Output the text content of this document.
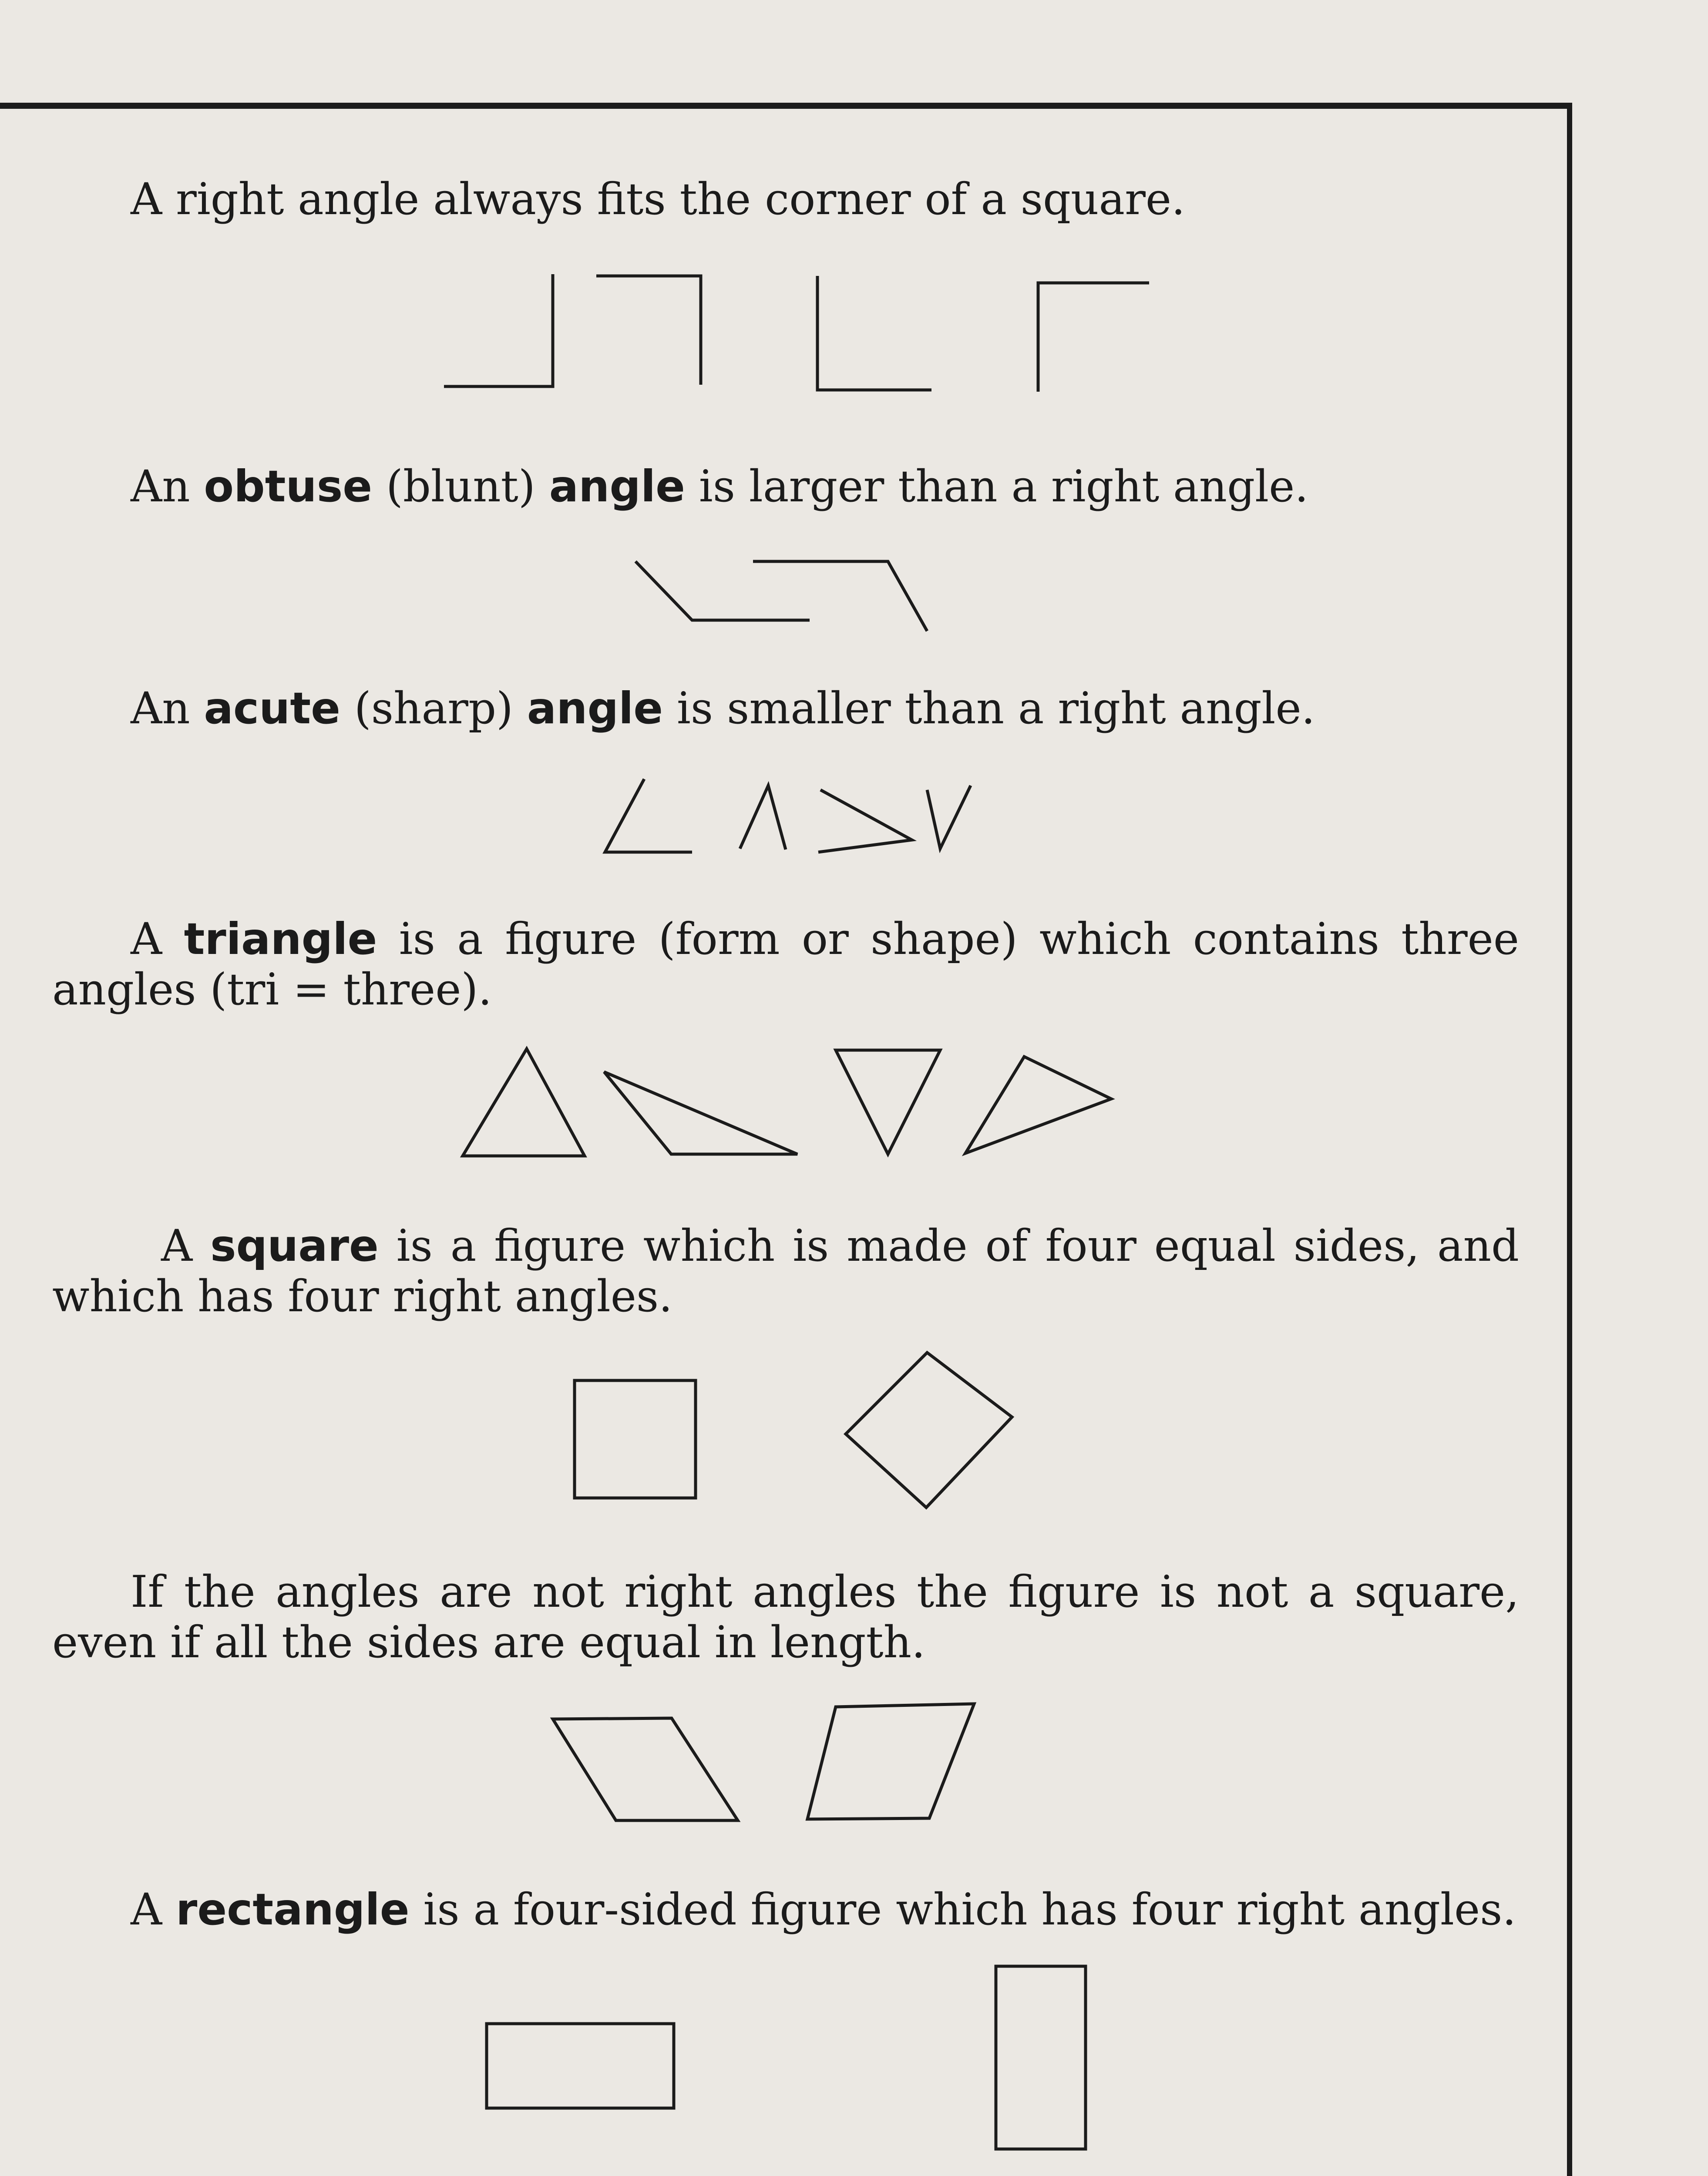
A right angle always fits the corner of a square.

An obtuse (blunt) angle is larger than a right angle.

An acute (sharp) angle is smaller than a right angle.

A triangle is a figure (form or shape) which contains three angles (tri = three).

A square is a figure which is made of four equal sides, and which has four right angles.

If the angles are not right angles the figure is not a square, even if all the sides are equal in length.

A rectangle is a four-sided figure which has four right angles.
